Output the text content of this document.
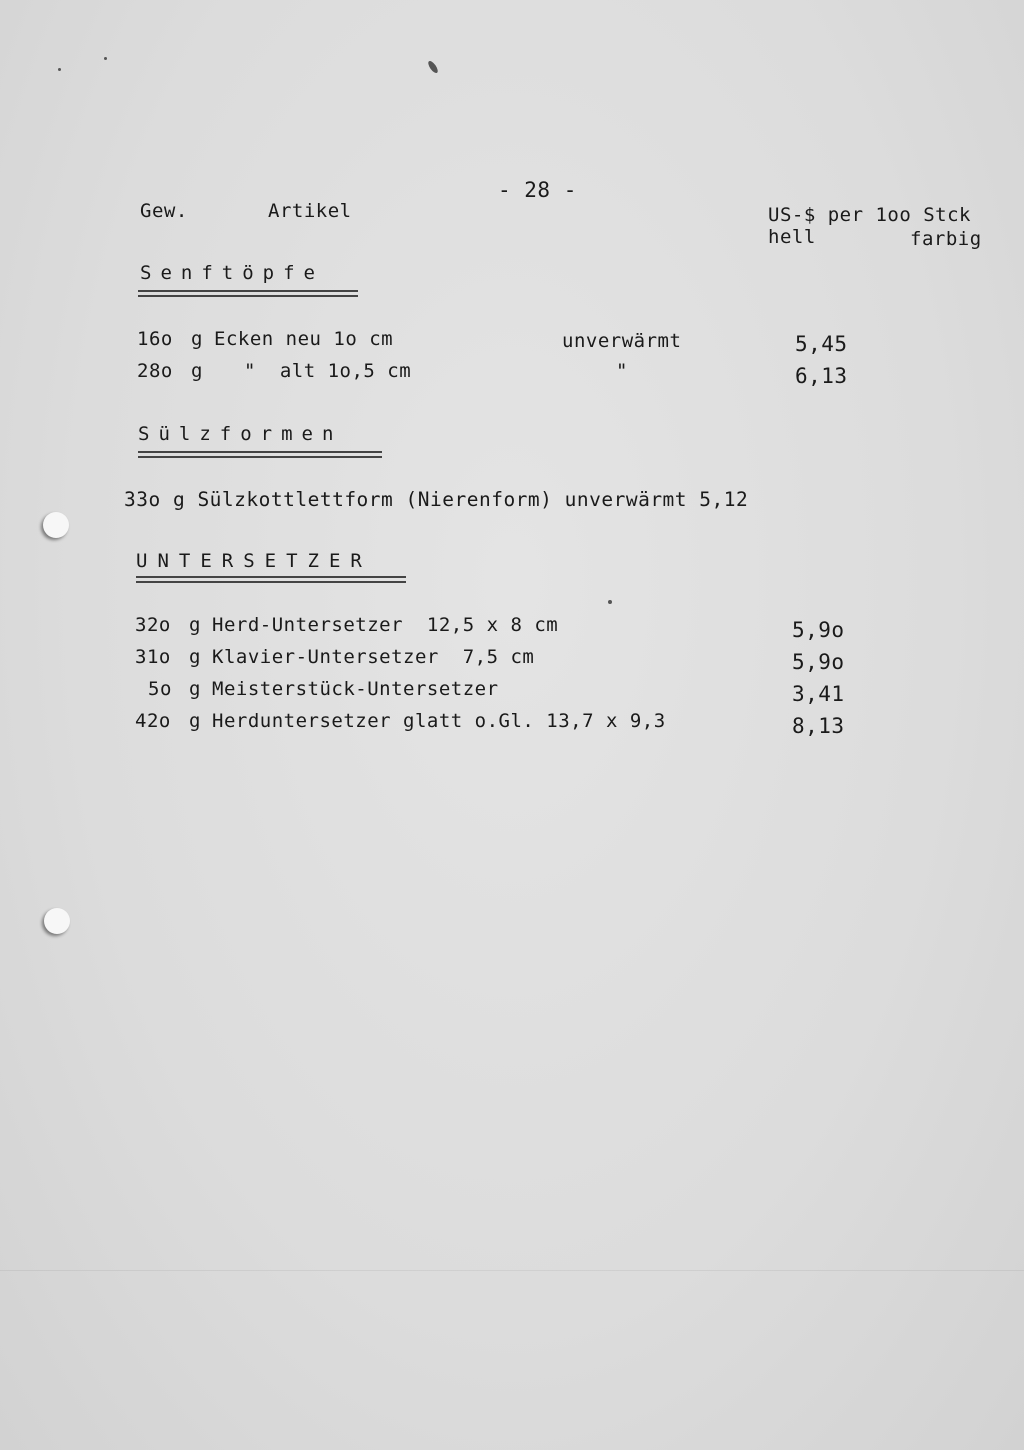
- 28 -
Gew.	Artikel	US-$ per 1oo Stck
hell	farbig
Senftöpfe
16o g Ecken neu 1o cm	unverwärmt	5,45
28o g "  alt 1o,5 cm	"	6,13
Sülzformen
33o g Sülzkottlettform (Nierenform) unverwärmt 5,12
UNTERSETZER
32o g Herd-Untersetzer  12,5 x 8 cm	5,9o
31o g Klavier-Untersetzer  7,5 cm	5,9o
5o g Meisterstück-Untersetzer	3,41
42o g Herduntersetzer glatt o.Gl. 13,7 x 9,3	8,13
